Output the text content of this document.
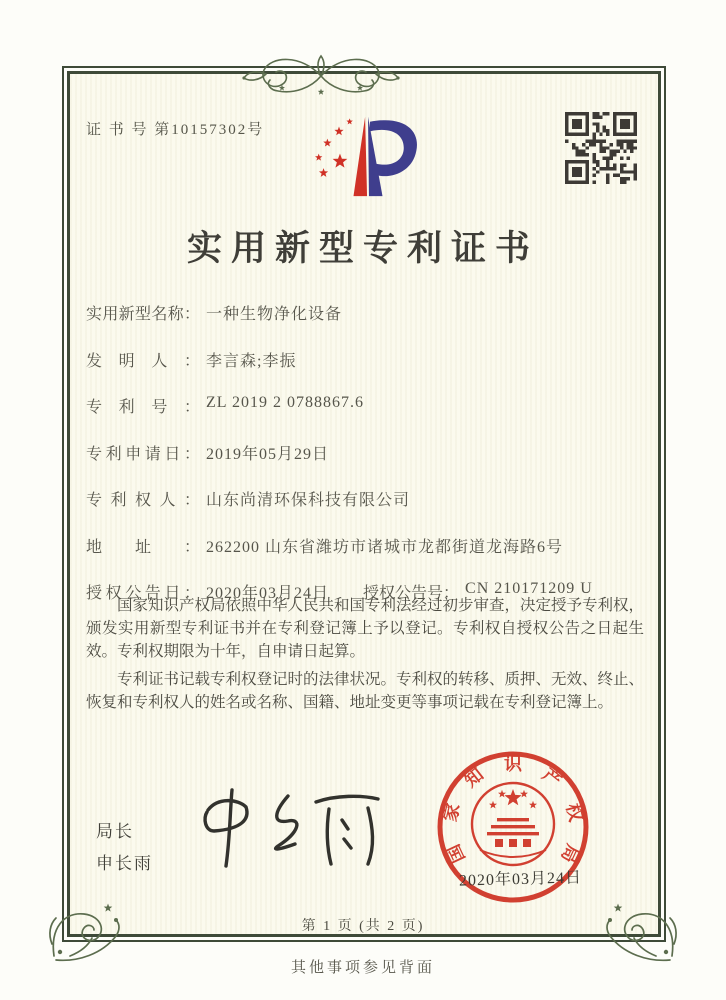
证 书 号 第10157302号
实用新型专利证书
实用新型名称： 一种生物净化设备
发明人： 李言森;李振
专利号： ZL 2019 2 0788867.6
专利申请日： 2019年05月29日
专利权人： 山东尚清环保科技有限公司
地址： 262200 山东省潍坊市诸城市龙都街道龙海路6号
授权公告日： 2020年03月24日 授权公告号： CN 210171209 U

国家知识产权局依照中华人民共和国专利法经过初步审查，决定授予专利权，颁发实用新型专利证书并在专利登记簿上予以登记。专利权自授权公告之日起生效。专利权期限为十年，自申请日起算。

专利证书记载专利权登记时的法律状况。专利权的转移、质押、无效、终止、恢复和专利权人的姓名或名称、国籍、地址变更等事项记载在专利登记簿上。

局长
申长雨	国
家
知
识
产
权
局
2020年03月24日
第 1 页 (共 2 页)
其他事项参见背面
